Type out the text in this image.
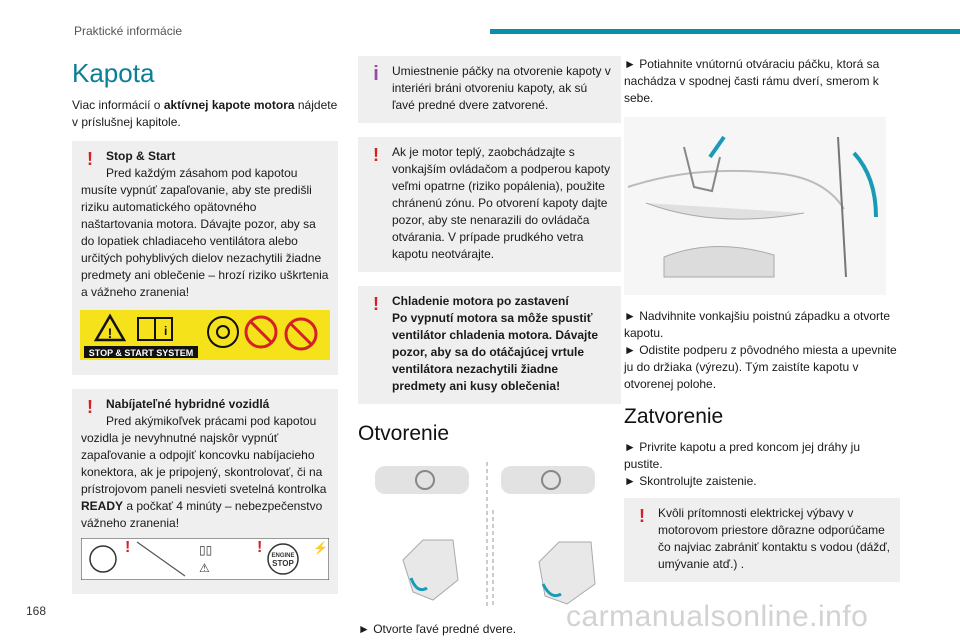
Praktické informácie
Kapota

Viac informácií o aktívnej kapote motora nájdete v príslušnej kapitole.

!	Stop & Start
Pred každým zásahom pod kapotou
musíte vypnúť zapaľovanie, aby ste predišli riziku automatického opätovného naštartovania motora. Dávajte pozor, aby sa do lopatiek chladiaceho ventilátora alebo určitých pohyblivých dielov nezachytili žiadne predmety ani oblečenie – hrozí riziko uškrtenia a vážneho zranenia!
!	i
STOP & START SYSTEM
!	Nabíjateľné hybridné vozidlá
Pred akýmikoľvek prácami pod kapotou
vozidla je nevyhnutné najskôr vypnúť zapaľovanie a odpojiť koncovku nabíjacieho konektora, ak je pripojený, skontrolovať, či na prístrojovom paneli nesvieti svetelná kontrolka READY a počkať 4 minúty – nebezpečenstvo vážneho zranenia!
!	▯▯
⚠
! ENGINE
STOP
⚡
i	Umiestnenie páčky na otvorenie kapoty v
interiéri bráni otvoreniu kapoty, ak sú ľavé predné dvere zatvorené.
!	Ak je motor teplý, zaobchádzajte s
vonkajším ovládačom a podperou kapoty veľmi opatrne (riziko popálenia), použite chránenú zónu. Po otvorení kapoty dajte pozor, aby ste nenarazili do ovládača otvárania. V prípade prudkého vetra kapotu neotvárajte.
!	Chladenie motora po zastavení
Po vypnutí motora sa môže spustiť ventilátor chladenia motora. Dávajte pozor, aby sa do otáčajúcej vrtule ventilátora nezachytili žiadne predmety ani kusy oblečenia!
Otvorenie

► Otvorte ľavé predné dvere.

► Potiahnite vnútornú otváraciu páčku, ktorá sa nachádza v spodnej časti rámu dverí, smerom k sebe.

► Nadvihnite vonkajšiu poistnú západku a otvorte kapotu.

► Odistite podperu z pôvodného miesta a upevnite ju do držiaka (výrezu). Tým zaistíte kapotu v otvorenej polohe.

Zatvorenie

► Privrite kapotu a pred koncom jej dráhy ju pustite.

► Skontrolujte zaistenie.

!	Kvôli prítomnosti elektrickej výbavy v
motorovom priestore dôrazne odporúčame čo najviac zabrániť kontaktu s vodou (dážď, umývanie atď.) .
168	carmanualsonline.info
